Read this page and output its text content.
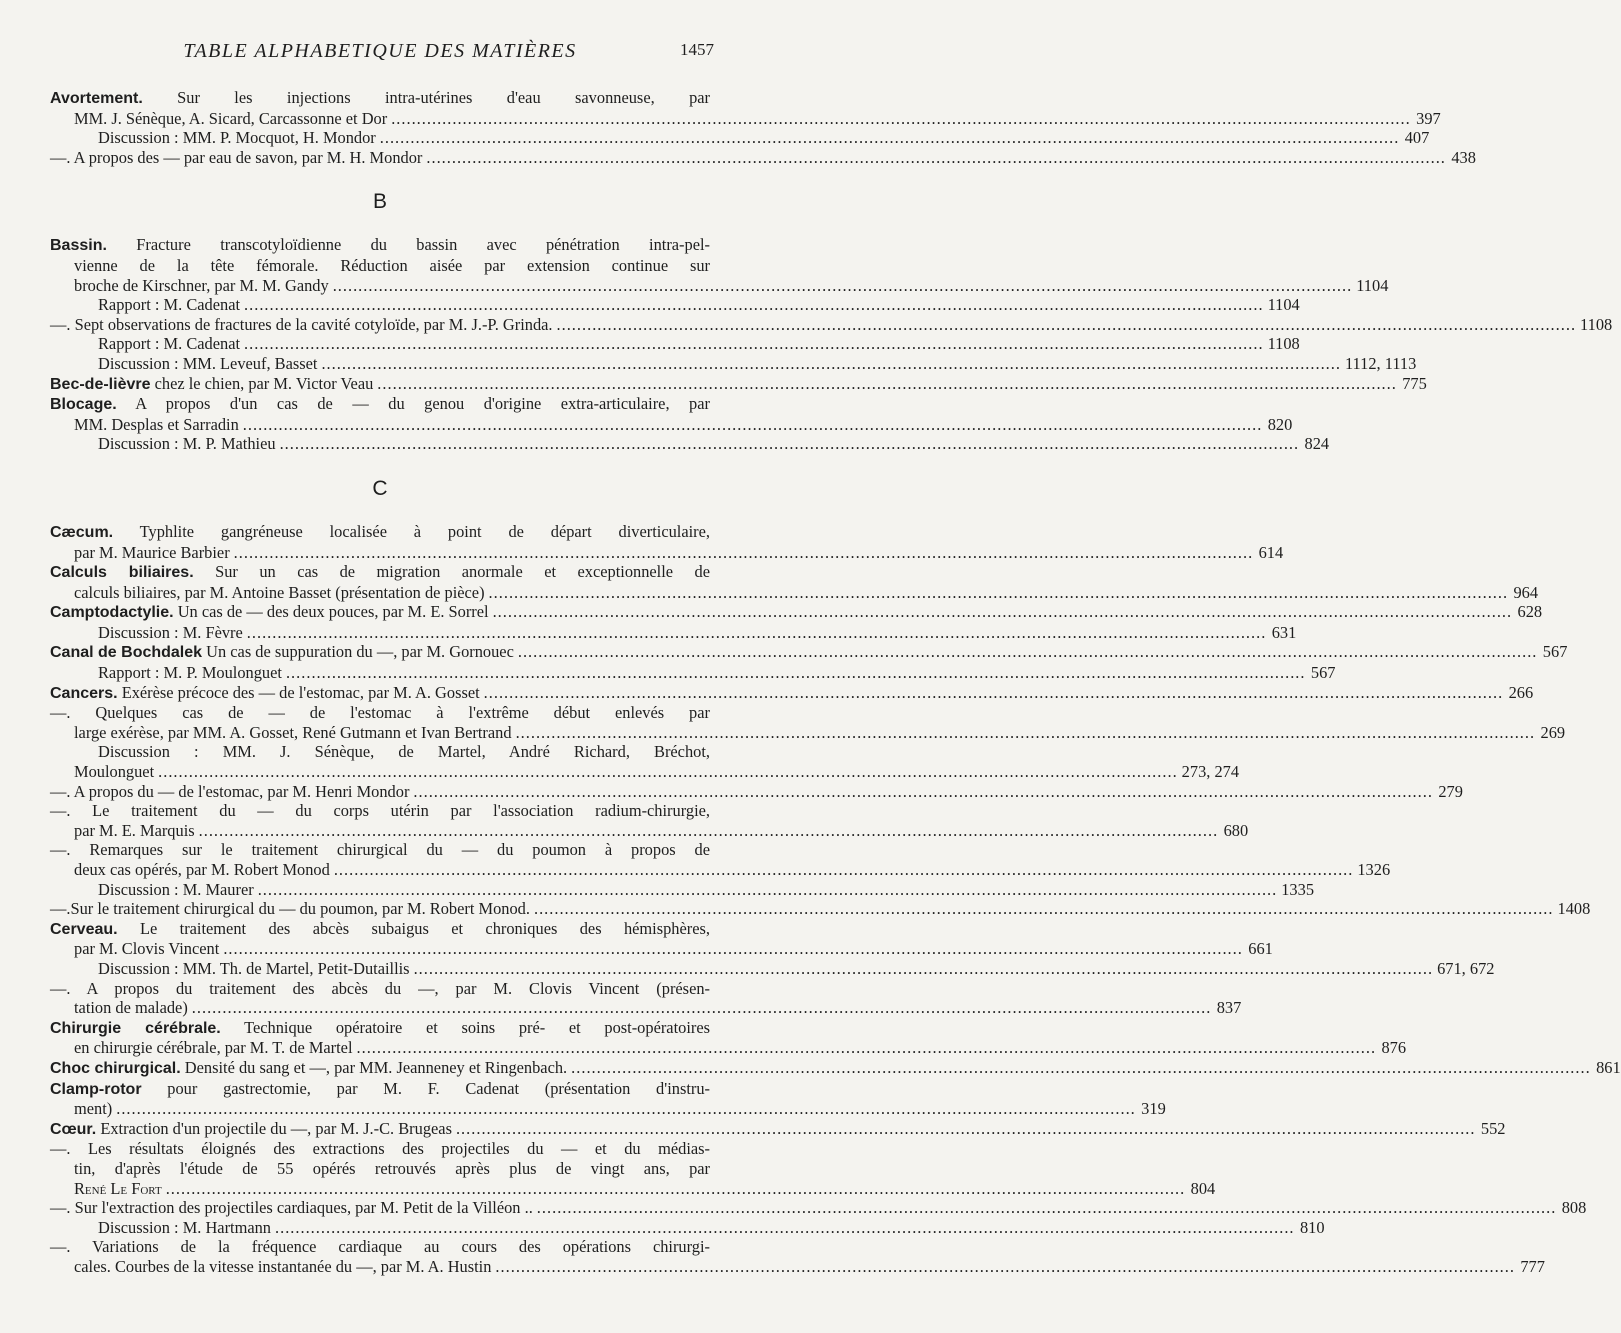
TABLE ALPHABETIQUE DES MATIÈRES	1457
Avortement. Sur les injections intra-utérines d'eau savonneuse, par
MM. J. Sénèque, A. Sicard, Carcassonne et Dor .....	397
Discussion : MM. P. Mocquot, H. Mondor .....	407
—. A propos des — par eau de savon, par M. H. Mondor .....	438
B
Bassin. Fracture transcotyloïdienne du bassin avec pénétration intra-pel-
vienne de la tête fémorale. Réduction aisée par extension continue sur
broche de Kirschner, par M. M. Gandy .....	1104
Rapport : M. Cadenat .....	1104
—. Sept observations de fractures de la cavité cotyloïde, par M. J.-P. Grinda. .....	1108
Rapport : M. Cadenat .....	1108
Discussion : MM. Leveuf, Basset .....	1112, 1113
Bec-de-lièvre chez le chien, par M. Victor Veau .....	775
Blocage. A propos d'un cas de — du genou d'origine extra-articulaire, par
MM. Desplas et Sarradin .....	820
Discussion : M. P. Mathieu .....	824
C
Cæcum. Typhlite gangréneuse localisée à point de départ diverticulaire,
par M. Maurice Barbier .....	614
Calculs biliaires. Sur un cas de migration anormale et exceptionnelle de
calculs biliaires, par M. Antoine Basset (présentation de pièce) .....	964
Camptodactylie. Un cas de — des deux pouces, par M. E. Sorrel .....	628
Discussion : M. Fèvre .....	631
Canal de Bochdalek Un cas de suppuration du —, par M. Gornouec .....	567
Rapport : M. P. Moulonguet .....	567
Cancers. Exérèse précoce des — de l'estomac, par M. A. Gosset .....	266
—. Quelques cas de — de l'estomac à l'extrême début enlevés par
large exérèse, par MM. A. Gosset, René Gutmann et Ivan Bertrand .....	269
Discussion : MM. J. Sénèque, de Martel, André Richard, Bréchot,
Moulonguet .....	273, 274
—. A propos du — de l'estomac, par M. Henri Mondor .....	279
—. Le traitement du — du corps utérin par l'association radium-chirurgie,
par M. E. Marquis .....	680
—. Remarques sur le traitement chirurgical du — du poumon à propos de
deux cas opérés, par M. Robert Monod .....	1326
Discussion : M. Maurer .....	1335
—.Sur le traitement chirurgical du — du poumon, par M. Robert Monod. .....	1408
Cerveau. Le traitement des abcès subaigus et chroniques des hémisphères,
par M. Clovis Vincent .....	661
Discussion : MM. Th. de Martel, Petit-Dutaillis .....	671, 672
—. A propos du traitement des abcès du —, par M. Clovis Vincent (présen-
tation de malade) .....	837
Chirurgie cérébrale. Technique opératoire et soins pré- et post-opératoires
en chirurgie cérébrale, par M. T. de Martel .....	876
Choc chirurgical. Densité du sang et —, par MM. Jeanneney et Ringenbach. .....	861
Clamp-rotor pour gastrectomie, par M. F. Cadenat (présentation d'instru-
ment) .....	319
Cœur. Extraction d'un projectile du —, par M. J.-C. Brugeas .....	552
—. Les résultats éloignés des extractions des projectiles du — et du médias-
tin, d'après l'étude de 55 opérés retrouvés après plus de vingt ans, par
René Le Fort .....	804
—. Sur l'extraction des projectiles cardiaques, par M. Petit de la Villéon .. .....	808
Discussion : M. Hartmann .....	810
—. Variations de la fréquence cardiaque au cours des opérations chirurgi-
cales. Courbes de la vitesse instantanée du —, par M. A. Hustin .....	777
